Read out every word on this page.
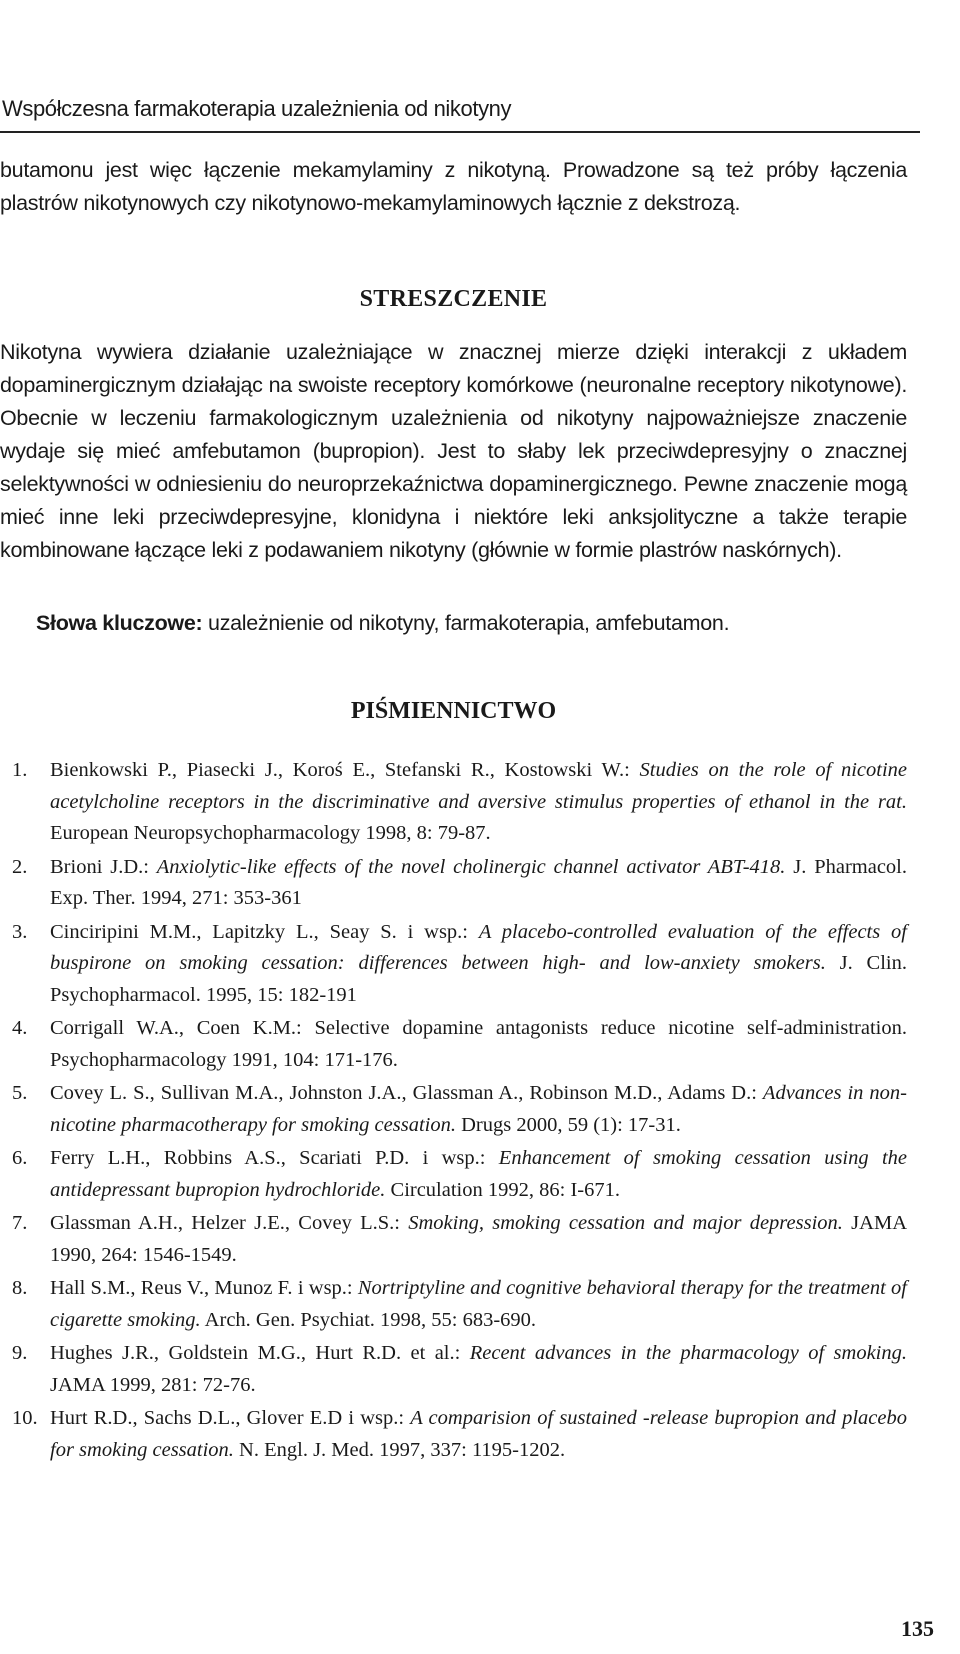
Współczesna farmakoterapia uzależnienia od nikotyny

butamonu jest więc łączenie mekamylaminy z nikotyną. Prowadzone są też próby łączenia plastrów nikotynowych czy nikotynowo-mekamylaminowych łącznie z dekstrozą.

STRESZCZENIE

Nikotyna wywiera działanie uzależniające w znacznej mierze dzięki interakcji z układem dopaminergicznym działając na swoiste receptory komórkowe (neuronalne receptory nikotynowe). Obecnie w leczeniu farmakologicznym uzależnienia od nikotyny najpoważniejsze znaczenie wydaje się mieć amfebutamon (bupropion). Jest to słaby lek przeciwdepresyjny o znacznej selektywności w odniesieniu do neuroprzekaźnictwa dopaminergicznego. Pewne znaczenie mogą mieć inne leki przeciwdepresyjne, klonidyna i niektóre leki anksjolityczne a także terapie kombinowane łączące leki z podawaniem nikotyny (głównie w formie plastrów naskórnych).

Słowa kluczowe: uzależnienie od nikotyny, farmakoterapia, amfebutamon.
PIŚMIENNICTWO
1.	Bienkowski P., Piasecki J., Koroś E., Stefanski R., Kostowski W.: Studies on the role of nicotine acetylcholine receptors in the discriminative and aversive stimulus properties of ethanol in the rat. European Neuropsychopharmacology 1998, 8: 79-87.
2.	Brioni J.D.: Anxiolytic-like effects of the novel cholinergic channel activator ABT-418. J. Pharmacol. Exp. Ther. 1994, 271: 353-361
3.	Cinciripini M.M., Lapitzky L., Seay S. i wsp.: A placebo-controlled evaluation of the effects of buspirone on smoking cessation: differences between high- and low-anxiety smokers. J. Clin. Psychopharmacol. 1995, 15: 182-191
4.	Corrigall W.A., Coen K.M.: Selective dopamine antagonists reduce nicotine self-administration. Psychopharmacology 1991, 104: 171-176.
5.	Covey L. S., Sullivan M.A., Johnston J.A., Glassman A., Robinson M.D., Adams D.: Advances in non-nicotine pharmacotherapy for smoking cessation. Drugs 2000, 59 (1): 17-31.
6.	Ferry L.H., Robbins A.S., Scariati P.D. i wsp.: Enhancement of smoking cessation using the antidepressant bupropion hydrochloride. Circulation 1992, 86: I-671.
7.	Glassman A.H., Helzer J.E., Covey L.S.: Smoking, smoking cessation and major depression. JAMA 1990, 264: 1546-1549.
8.	Hall S.M., Reus V., Munoz F. i wsp.: Nortriptyline and cognitive behavioral therapy for the treatment of cigarette smoking. Arch. Gen. Psychiat. 1998, 55: 683-690.
9.	Hughes J.R., Goldstein M.G., Hurt R.D. et al.: Recent advances in the pharmacology of smoking. JAMA 1999, 281: 72-76.
10. Hurt R.D., Sachs D.L., Glover E.D i wsp.: A comparision of sustained -release bupropion and placebo for smoking cessation. N. Engl. J. Med. 1997, 337: 1195-1202.
135
